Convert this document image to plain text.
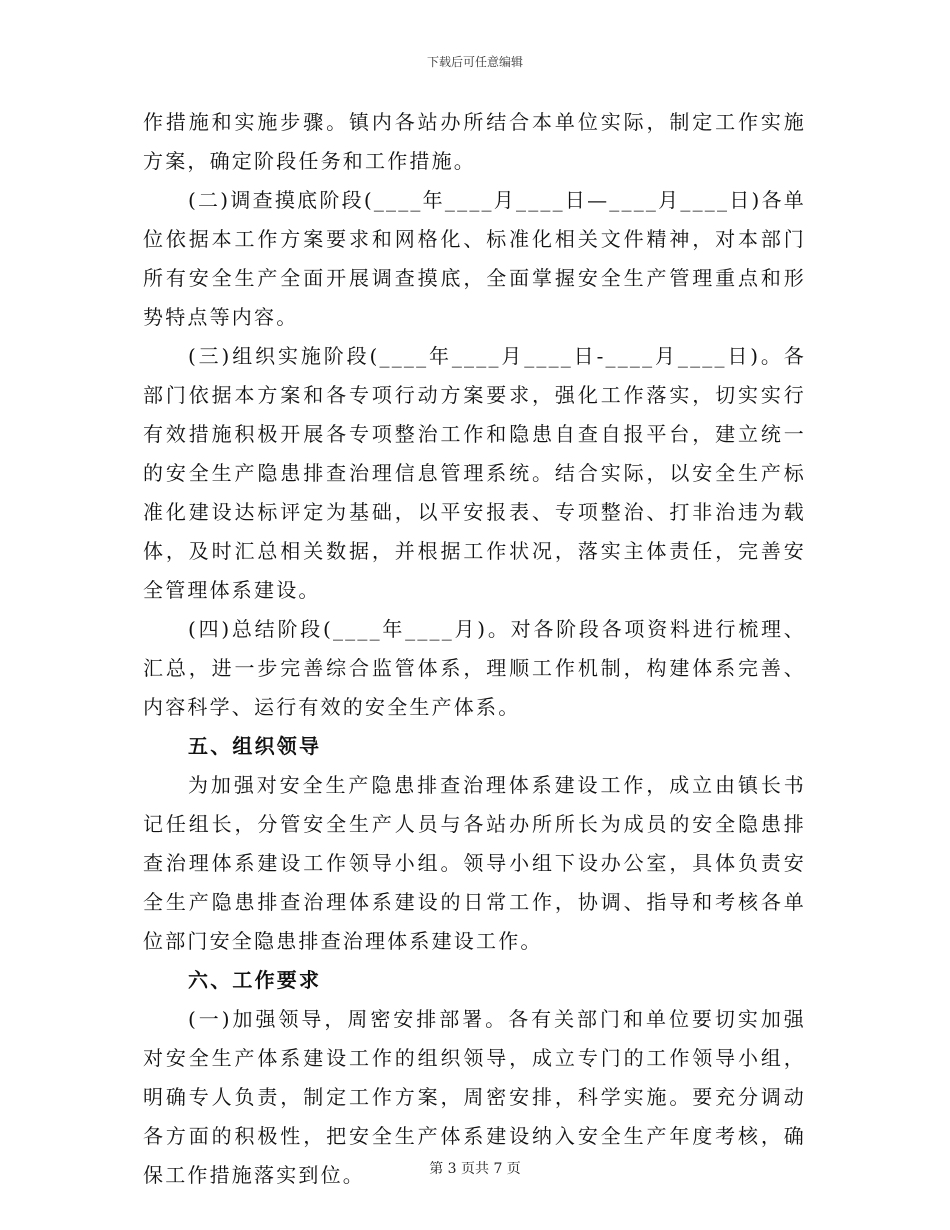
下载后可任意编辑

作措施和实施步骤。镇内各站办所结合本单位实际，制定工作实施方案，确定阶段任务和工作措施。

(二)调查摸底阶段(____年____月____日—____月____日)各单位依据本工作方案要求和网格化、标准化相关文件精神，对本部门所有安全生产全面开展调查摸底，全面掌握安全生产管理重点和形势特点等内容。

(三)组织实施阶段(____年____月____日-____月____日)。各部门依据本方案和各专项行动方案要求，强化工作落实，切实实行有效措施积极开展各专项整治工作和隐患自查自报平台，建立统一的安全生产隐患排查治理信息管理系统。结合实际，以安全生产标准化建设达标评定为基础，以平安报表、专项整治、打非治违为载体，及时汇总相关数据，并根据工作状况，落实主体责任，完善安全管理体系建设。

(四)总结阶段(____年____月)。对各阶段各项资料进行梳理、汇总，进一步完善综合监管体系，理顺工作机制，构建体系完善、内容科学、运行有效的安全生产体系。

五、组织领导

为加强对安全生产隐患排查治理体系建设工作，成立由镇长书记任组长，分管安全生产人员与各站办所所长为成员的安全隐患排查治理体系建设工作领导小组。领导小组下设办公室，具体负责安全生产隐患排查治理体系建设的日常工作，协调、指导和考核各单位部门安全隐患排查治理体系建设工作。

六、工作要求

(一)加强领导，周密安排部署。各有关部门和单位要切实加强对安全生产体系建设工作的组织领导，成立专门的工作领导小组，明确专人负责，制定工作方案，周密安排，科学实施。要充分调动各方面的积极性，把安全生产体系建设纳入安全生产年度考核，确保工作措施落实到位。	第 3 页共 7 页
